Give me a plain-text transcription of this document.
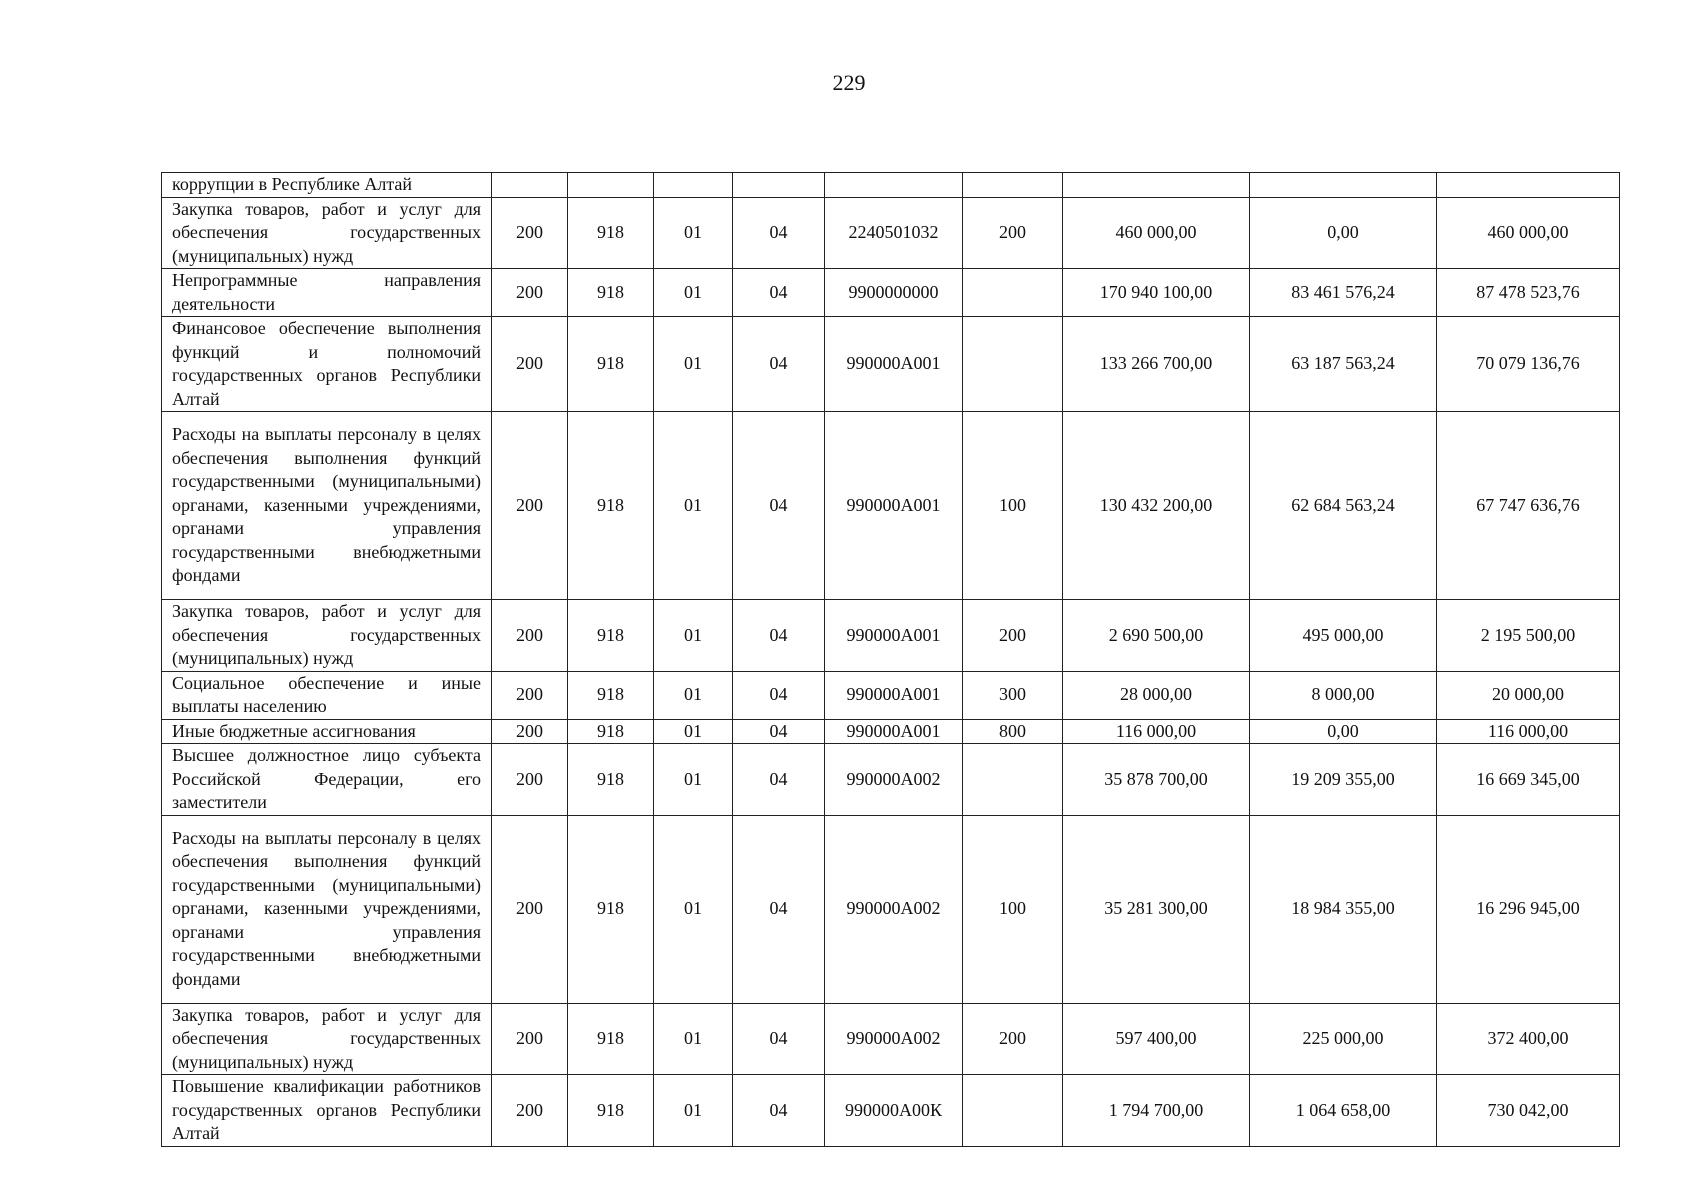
229
коррупции в Республике Алтай									
Закупка товаров, работ и услуг для обеспечения государственных (муниципальных) нужд	200	918	01	04	2240501032	200	460 000,00	0,00	460 000,00
Непрограммные направления деятельности	200	918	01	04	9900000000		170 940 100,00	83 461 576,24	87 478 523,76
Финансовое обеспечение выполнения функций и полномочий государственных органов Республики Алтай	200	918	01	04	990000А001		133 266 700,00	63 187 563,24	70 079 136,76
Расходы на выплаты персоналу в целях обеспечения выполнения функций государственными (муниципальными) органами, казенными учреждениями, органами управления государственными внебюджетными фондами	200	918	01	04	990000А001	100	130 432 200,00	62 684 563,24	67 747 636,76
Закупка товаров, работ и услуг для обеспечения государственных (муниципальных) нужд	200	918	01	04	990000А001	200	2 690 500,00	495 000,00	2 195 500,00
Социальное обеспечение и иные выплаты населению	200	918	01	04	990000А001	300	28 000,00	8 000,00	20 000,00
Иные бюджетные ассигнования	200	918	01	04	990000А001	800	116 000,00	0,00	116 000,00
Высшее должностное лицо субъекта Российской Федерации, его заместители	200	918	01	04	990000А002		35 878 700,00	19 209 355,00	16 669 345,00
Расходы на выплаты персоналу в целях обеспечения выполнения функций государственными (муниципальными) органами, казенными учреждениями, органами управления государственными внебюджетными фондами	200	918	01	04	990000А002	100	35 281 300,00	18 984 355,00	16 296 945,00
Закупка товаров, работ и услуг для обеспечения государственных (муниципальных) нужд	200	918	01	04	990000А002	200	597 400,00	225 000,00	372 400,00
Повышение квалификации работников государственных органов Республики Алтай	200	918	01	04	990000А00К		1 794 700,00	1 064 658,00	730 042,00
